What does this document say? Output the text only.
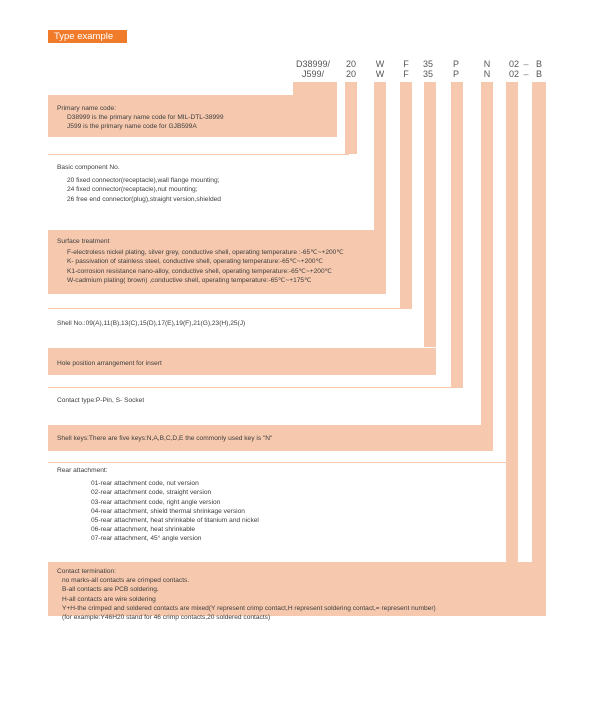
Type example
D38999/
J599/
20
20
W
W
F
F
35
35
P
P
N
N
02
02
–
–
B
B
Primary name code:
D38999 is the primary name code for MIL-DTL-38999
J599 is the primary name code for GJB599A
Basic component No.
20 fixed connector(receptacle),wall flange mounting;
24 fixed connector(receptacle),nut mounting;
26 free end connector(plug),straight version,shielded
Surface treatment
F-electroless nickel plating, silver grey, conductive shell, operating temperature :-65℃~+200℃
K- passivation of stainless steel, conductive shell, operating temperature:-65℃~+200℃
K1-corrosion resistance nano-alloy, conductive shell, operating temperature:-65℃~+200℃
W-cadmium plating( brown) ,conductive shell, operating temperature:-65℃~+175℃
Shell No.:09(A),11(B),13(C),15(D),17(E),19(F),21(G),23(H),25(J)
Hole position arrangement for insert
Contact type:P-Pin, S- Socket
Shell keys:There are five keys:N,A,B,C,D,E the commonly used key is "N"
Rear attachment:
01-rear attachment code, nut version
02-rear attachment code, straight version
03-rear attachment code, right angle version
04-rear attachment, shield thermal shrinkage version
05-rear attachment, heat shrinkable of titanium and nickel
06-rear attachment, heat shrinkable
07-rear attachment, 45° angle version
Contact termination:
no marks-all contacts are crimped contacts.
B-all contacts are PCB soldering.
H-all contacts are wire soldering
Y+H-the crimped and soldered contacts are mixed(Y represent crimp contact,H represent soldering contact,= represent number)
(for example:Y46H20 stand for 46 crimp contacts,20 soldered contacts)
